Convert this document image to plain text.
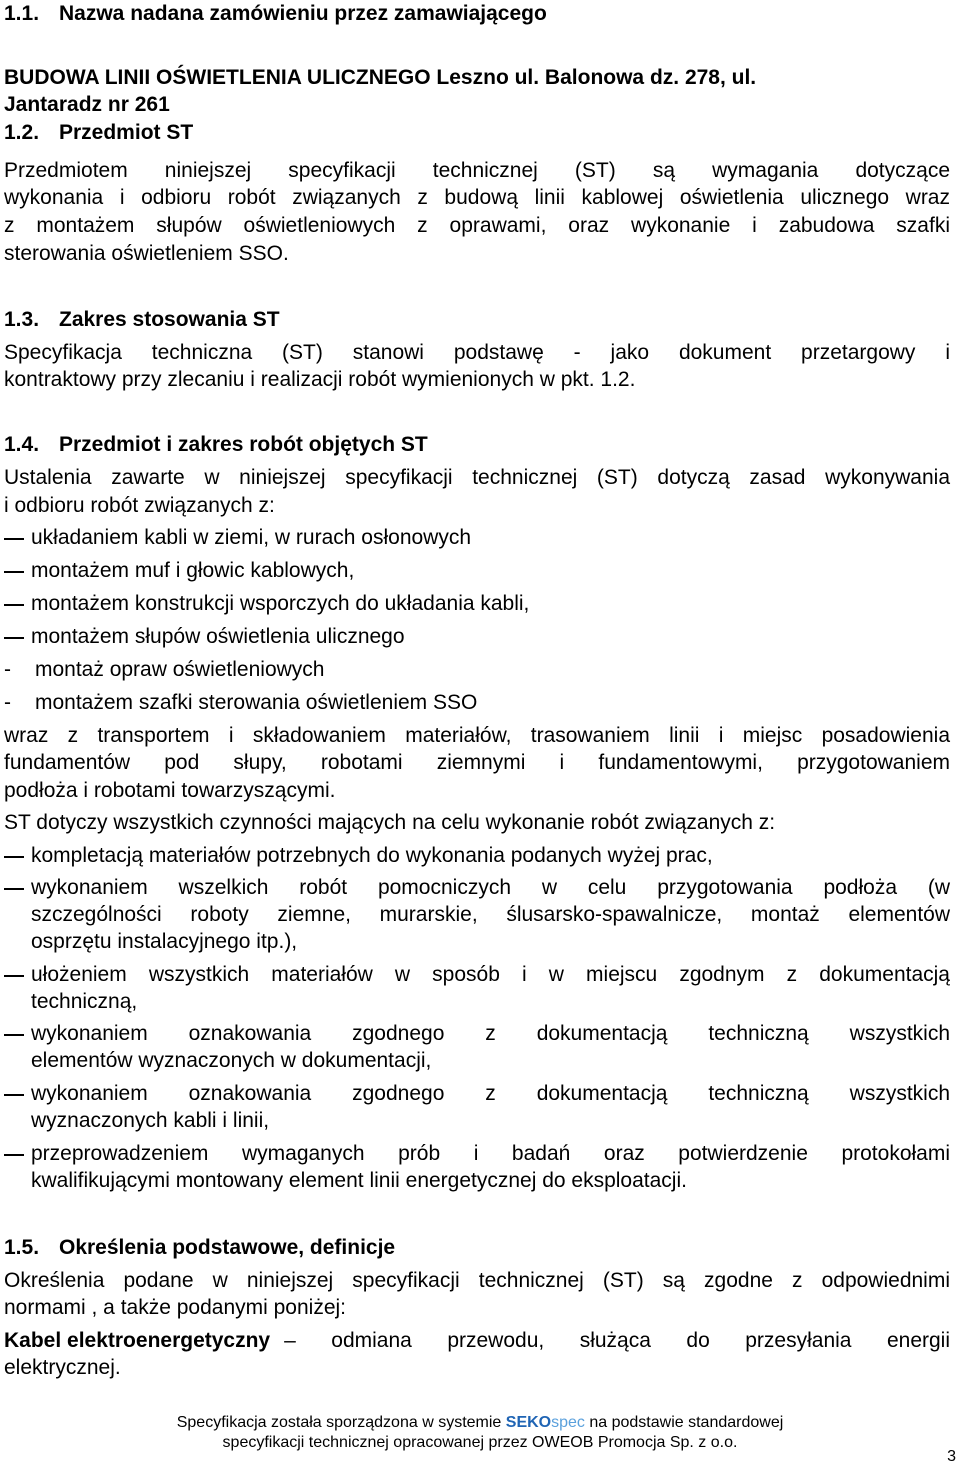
1.1. Nazwa nadana zamówieniu przez zamawiającego
BUDOWA LINII OŚWIETLENIA ULICZNEGO Leszno ul. Balonowa dz. 278, ul.
Jantaradz nr 261
1.2. Przedmiot ST
Przedmiotem niniejszej specyfikacji technicznej (ST) są wymagania dotyczące
wykonania i odbioru robót związanych z budową linii kablowej oświetlenia ulicznego wraz
z montażem słupów oświetleniowych z oprawami, oraz wykonanie i zabudowa szafki
sterowania oświetleniem SSO.
1.3. Zakres stosowania ST
Specyfikacja techniczna (ST) stanowi podstawę - jako dokument przetargowy i
kontraktowy przy zlecaniu i realizacji robót wymienionych w pkt. 1.2.
1.4. Przedmiot i zakres robót objętych ST
Ustalenia zawarte w niniejszej specyfikacji technicznej (ST) dotyczą zasad wykonywania
i odbioru robót związanych z:
układaniem kabli w ziemi, w rurach osłonowych
montażem muf i głowic kablowych,
montażem konstrukcji wsporczych do układania kabli,
montażem słupów oświetlenia ulicznego
- montaż opraw oświetleniowych
- montażem szafki sterowania oświetleniem SSO
wraz z transportem i składowaniem materiałów, trasowaniem linii i miejsc posadowienia
fundamentów pod słupy, robotami ziemnymi i fundamentowymi, przygotowaniem
podłoża i robotami towarzyszącymi.
ST dotyczy wszystkich czynności mających na celu wykonanie robót związanych z:
kompletacją materiałów potrzebnych do wykonania podanych wyżej prac,
wykonaniem wszelkich robót pomocniczych w celu przygotowania podłoża (w
szczególności roboty ziemne, murarskie, ślusarsko-spawalnicze, montaż elementów
osprzętu instalacyjnego itp.),
ułożeniem wszystkich materiałów w sposób i w miejscu zgodnym z dokumentacją
techniczną,
wykonaniem oznakowania zgodnego z dokumentacją techniczną wszystkich
elementów wyznaczonych w dokumentacji,
wykonaniem oznakowania zgodnego z dokumentacją techniczną wszystkich
wyznaczonych kabli i linii,
przeprowadzeniem wymaganych prób i badań oraz potwierdzenie protokołami
kwalifikującymi montowany element linii energetycznej do eksploatacji.
1.5. Określenia podstawowe, definicje
Określenia podane w niniejszej specyfikacji technicznej (ST) są zgodne z odpowiednimi
normami , a także podanymi poniżej:
Kabel elektroenergetyczny – odmiana przewodu, służąca do przesyłania energii
elektrycznej.
Specyfikacja została sporządzona w systemie SEKOspec na podstawie standardowej
specyfikacji technicznej opracowanej przez OWEOB Promocja Sp. z o.o.
3
